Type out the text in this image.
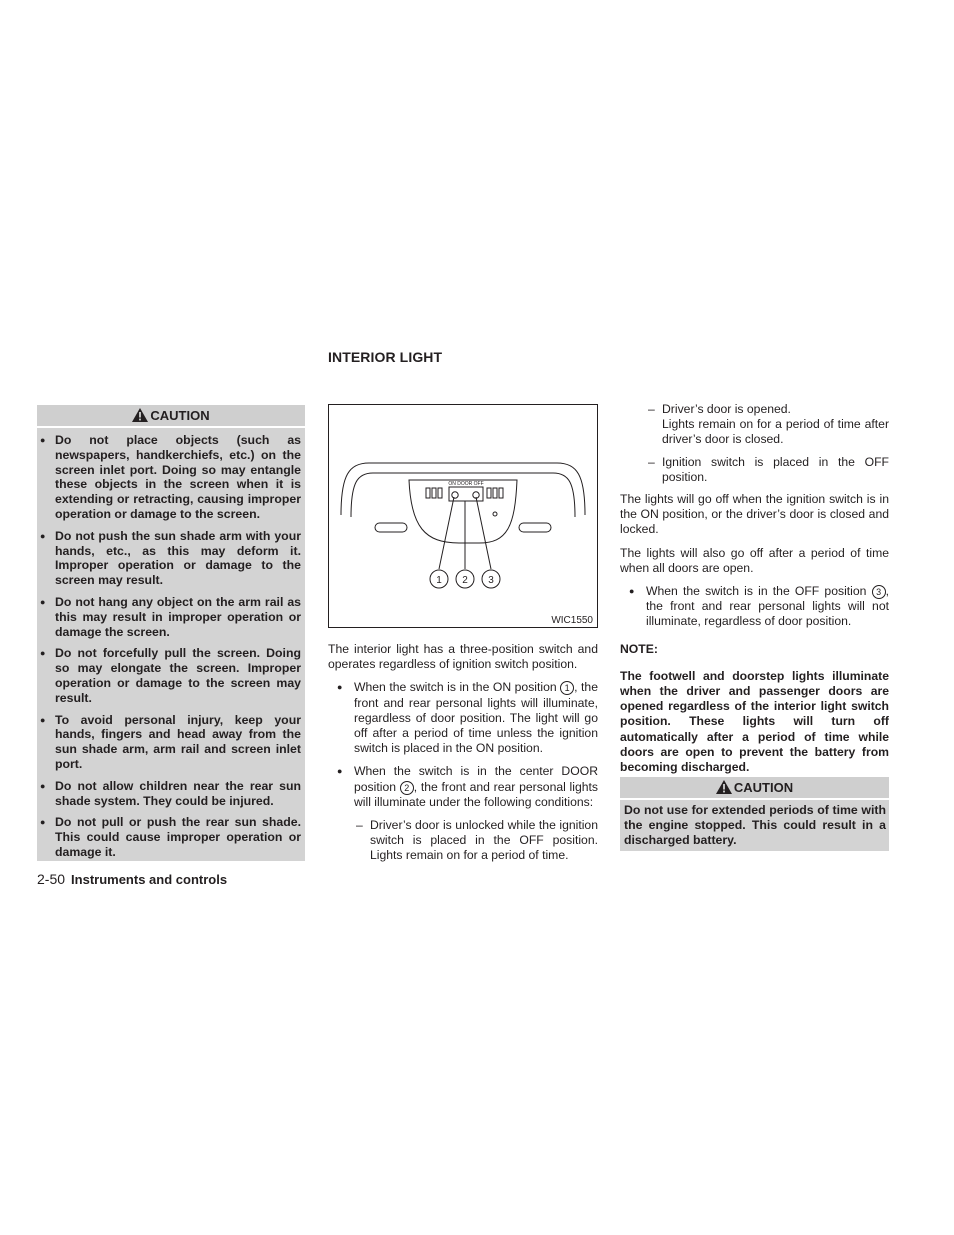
INTERIOR LIGHT
CAUTION
● Do not place objects (such as newspapers, handkerchiefs, etc.) on the screen inlet port. Doing so may entangle these objects in the screen when it is extending or retracting, causing improper operation or damage to the screen.
● Do not push the sun shade arm with your hands, etc., as this may deform it. Improper operation or damage to the screen may result.
● Do not hang any object on the arm rail as this may result in improper operation or damage the screen.
● Do not forcefully pull the screen. Doing so may elongate the screen. Improper operation or damage to the screen may result.
● To avoid personal injury, keep your hands, fingers and head away from the sun shade arm, arm rail and screen inlet port.
● Do not allow children near the rear sun shade system. They could be injured.
● Do not pull or push the rear sun shade. This could cause improper operation or damage it.
ON DOOR OFF
1 2 3
WIC1550

The interior light has a three-position switch and operates regardless of ignition switch position.

● When the switch is in the ON position 1 , the front and rear personal lights will illuminate, regardless of door position. The light will go off after a period of time unless the ignition switch is placed in the ON position.
● When the switch is in the center DOOR position 2 , the front and rear personal lights will illuminate under the following conditions:
– Driver’s door is unlocked while the ignition switch is placed in the OFF position. Lights remain on for a period of time.
– Driver’s door is opened.
Lights remain on for a period of time after driver’s door is closed.
– Ignition switch is placed in the OFF position.

The lights will go off when the ignition switch is in the ON position, or the driver’s door is closed and locked.

The lights will also go off after a period of time when all doors are open.

● When the switch is in the OFF position 3 , the front and rear personal lights will not illuminate, regardless of door position.

NOTE:

The footwell and doorstep lights illuminate when the driver and passenger doors are opened regardless of the interior light switch position. These lights will turn off automatically after a period of time while doors are open to prevent the battery from becoming discharged.

CAUTION
Do not use for extended periods of time with the engine stopped. This could result in a discharged battery.
2-50 Instruments and controls
